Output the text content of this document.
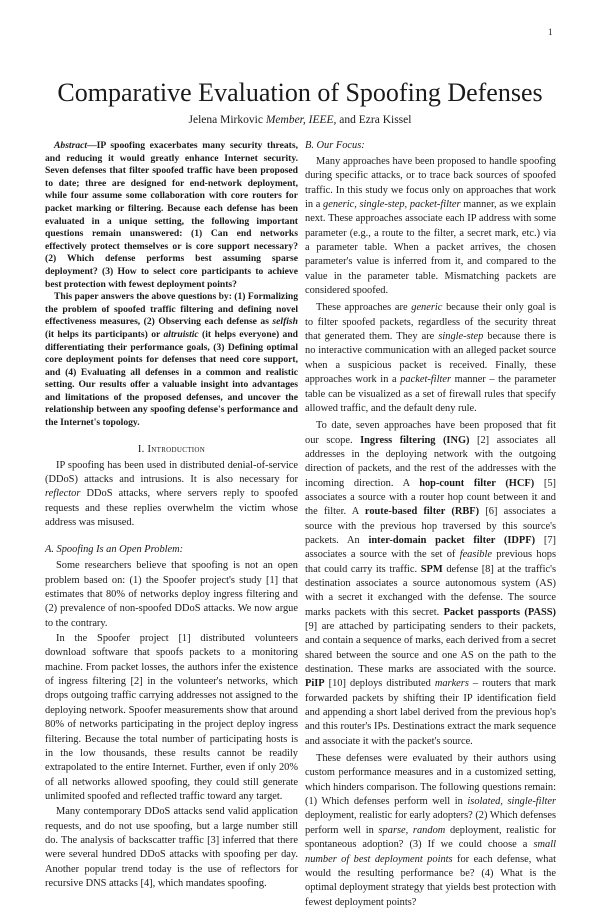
1
Comparative Evaluation of Spoofing Defenses
Jelena Mirkovic Member, IEEE, and Ezra Kissel

Abstract—IP spoofing exacerbates many security threats, and reducing it would greatly enhance Internet security. Seven defenses that filter spoofed traffic have been proposed to date; three are designed for end-network deployment, while four assume some collaboration with core routers for packet marking or filtering. Because each defense has been evaluated in a unique setting, the following important questions remain unanswered: (1) Can end networks effectively protect themselves or is core support necessary? (2) Which defense performs best assuming sparse deployment? (3) How to select core participants to achieve best protection with fewest deployment points?

This paper answers the above questions by: (1) Formalizing the problem of spoofed traffic filtering and defining novel effectiveness measures, (2) Observing each defense as selfish (it helps its participants) or altruistic (it helps everyone) and differentiating their performance goals, (3) Defining optimal core deployment points for defenses that need core support, and (4) Evaluating all defenses in a common and realistic setting. Our results offer a valuable insight into advantages and limitations of the proposed defenses, and uncover the relationship between any spoofing defense's performance and the Internet's topology.

I. Introduction

IP spoofing has been used in distributed denial-of-service (DDoS) attacks and intrusions. It is also necessary for reflector DDoS attacks, where servers reply to spoofed requests and these replies overwhelm the victim whose address was misused.

A. Spoofing Is an Open Problem:

Some researchers believe that spoofing is not an open problem based on: (1) the Spoofer project's study [1] that estimates that 80% of networks deploy ingress filtering and (2) prevalence of non-spoofed DDoS attacks. We now argue to the contrary.

In the Spoofer project [1] distributed volunteers download software that spoofs packets to a monitoring machine. From packet losses, the authors infer the existence of ingress filtering [2] in the volunteer's networks, which drops outgoing traffic carrying addresses not assigned to the deploying network. Spoofer measurements show that around 80% of networks participating in the project deploy ingress filtering. Because the total number of participating hosts is in the low thousands, these results cannot be readily extrapolated to the entire Internet. Further, even if only 20% of all networks allowed spoofing, they could still generate unlimited spoofed and reflected traffic toward any target.

Many contemporary DDoS attacks send valid application requests, and do not use spoofing, but a large number still do. The analysis of backscatter traffic [3] inferred that there were several hundred DDoS attacks with spoofing per day. Another popular trend today is the use of reflectors for recursive DNS attacks [4], which mandates spoofing.

B. Our Focus:

Many approaches have been proposed to handle spoofing during specific attacks, or to trace back sources of spoofed traffic. In this study we focus only on approaches that work in a generic, single-step, packet-filter manner, as we explain next. These approaches associate each IP address with some parameter (e.g., a route to the filter, a secret mark, etc.) via a parameter table. When a packet arrives, the chosen parameter's value is inferred from it, and compared to the value in the parameter table. Mismatching packets are considered spoofed.

These approaches are generic because their only goal is to filter spoofed packets, regardless of the security threat that generated them. They are single-step because there is no interactive communication with an alleged packet source when a suspicious packet is received. Finally, these approaches work in a packet-filter manner – the parameter table can be visualized as a set of firewall rules that specify allowed traffic, and the default deny rule.

To date, seven approaches have been proposed that fit our scope. Ingress filtering (ING) [2] associates all addresses in the deploying network with the outgoing direction of packets, and the rest of the addresses with the incoming direction. A hop-count filter (HCF) [5] associates a source with a router hop count between it and the filter. A route-based filter (RBF) [6] associates a source with the previous hop traversed by this source's packets. An inter-domain packet filter (IDPF) [7] associates a source with the set of feasible previous hops that could carry its traffic. SPM defense [8] at the traffic's destination associates a source autonomous system (AS) with a secret it exchanged with the defense. The source marks packets with this secret. Packet passports (PASS) [9] are attached by participating senders to their packets, and contain a sequence of marks, each derived from a secret shared between the source and one AS on the path to the destination. These marks are associated with the source. PiIP [10] deploys distributed markers – routers that mark forwarded packets by shifting their IP identification field and appending a short label derived from the previous hop's and this router's IPs. Destinations extract the mark sequence and associate it with the packet's source.

These defenses were evaluated by their authors using custom performance measures and in a customized setting, which hinders comparison. The following questions remain: (1) Which defenses perform well in isolated, single-filter deployment, realistic for early adopters? (2) Which defenses perform well in sparse, random deployment, realistic for spontaneous adoption? (3) If we could choose a small number of best deployment points for each defense, what would the resulting performance be? (4) What is the optimal deployment strategy that yields best protection with fewest deployment points?
